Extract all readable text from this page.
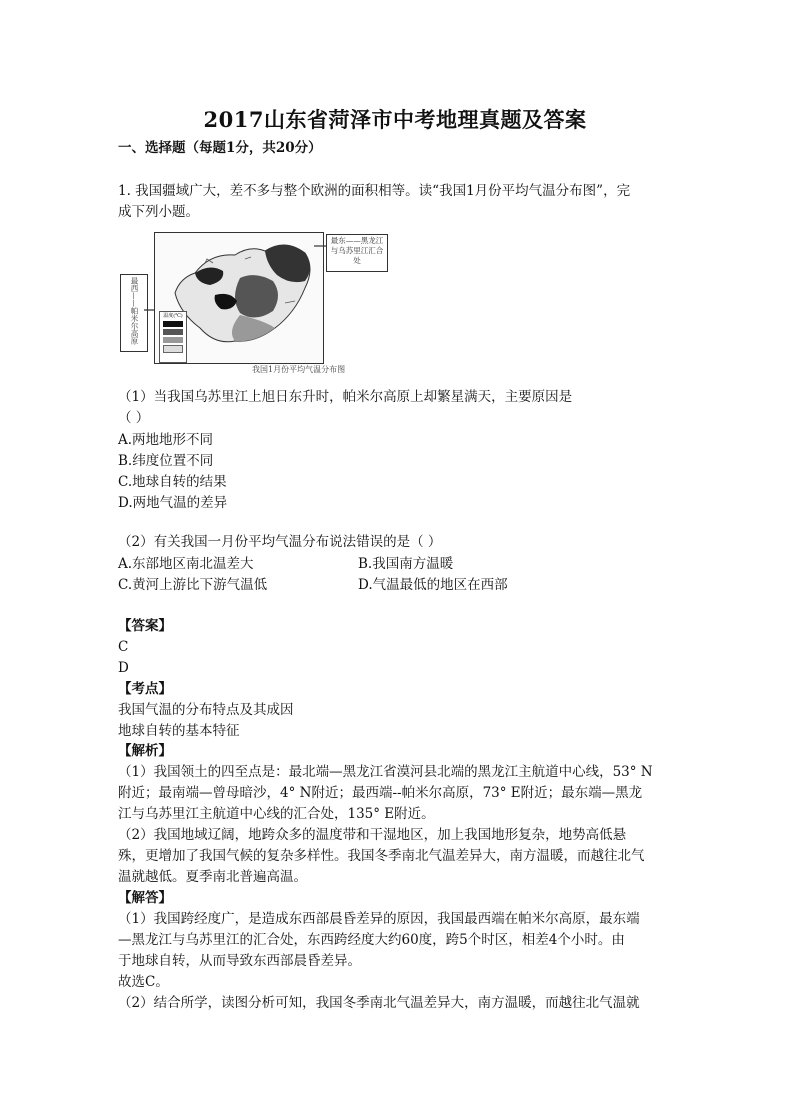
2017山东省菏泽市中考地理真题及答案
一、选择题（每题1分，共20分）
1. 我国疆域广大，差不多与整个欧洲的面积相等。读“我国1月份平均气温分布图”，完
成下列小题。
最西——帕米尔高原	温度(℃)
最东——黑龙江与乌苏里江汇合处
我国1月份平均气温分布图
（1）当我国乌苏里江上旭日东升时，帕米尔高原上却繁星满天，主要原因是
（ ）
A.两地地形不同
B.纬度位置不同
C.地球自转的结果
D.两地气温的差异
（2）有关我国一月份平均气温分布说法错误的是（ ）
A.东部地区南北温差大	B.我国南方温暖
C.黄河上游比下游气温低	D.气温最低的地区在西部
【答案】
C
D
【考点】
我国气温的分布特点及其成因
地球自转的基本特征
【解析】
（1）我国领土的四至点是：最北端—黑龙江省漠河县北端的黑龙江主航道中心线，53° N
附近；最南端—曾母暗沙，4° N附近；最西端--帕米尔高原，73° E附近；最东端—黑龙
江与乌苏里江主航道中心线的汇合处，135° E附近。
（2）我国地域辽阔，地跨众多的温度带和干湿地区，加上我国地形复杂，地势高低悬
殊，更增加了我国气候的复杂多样性。我国冬季南北气温差异大，南方温暖，而越往北气
温就越低。夏季南北普遍高温。
【解答】
（1）我国跨经度广，是造成东西部晨昏差异的原因，我国最西端在帕米尔高原，最东端
—黑龙江与乌苏里江的汇合处，东西跨经度大约60度，跨5个时区，相差4个小时。由
于地球自转，从而导致东西部晨昏差异。
故选C。
（2）结合所学，读图分析可知，我国冬季南北气温差异大，南方温暖，而越往北气温就
